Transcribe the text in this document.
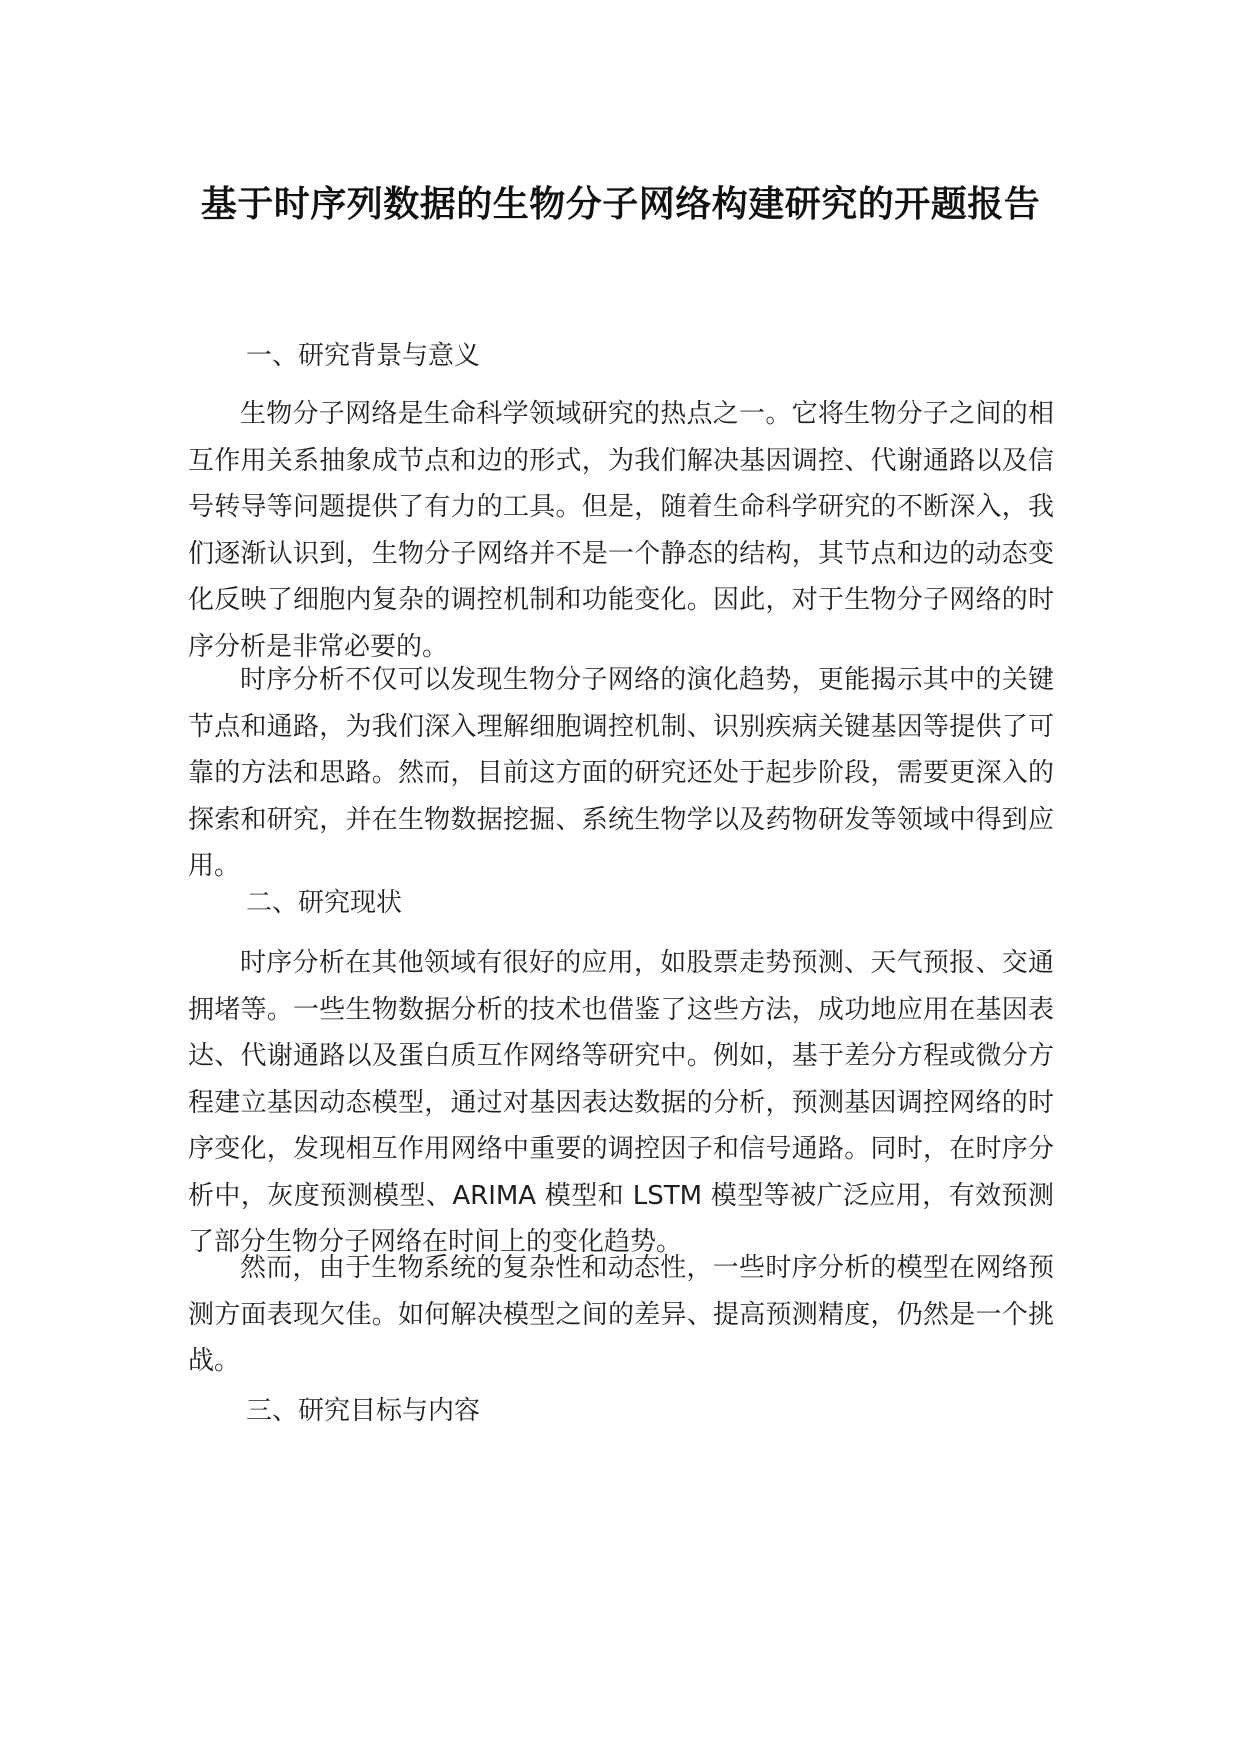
基于时序列数据的生物分子网络构建研究的开题报告
一、研究背景与意义

生物分子网络是生命科学领域研究的热点之一。它将生物分子之间的相互作用关系抽象成节点和边的形式，为我们解决基因调控、代谢通路以及信号转导等问题提供了有力的工具。但是，随着生命科学研究的不断深入，我们逐渐认识到，生物分子网络并不是一个静态的结构，其节点和边的动态变化反映了细胞内复杂的调控机制和功能变化。因此，对于生物分子网络的时序分析是非常必要的。

时序分析不仅可以发现生物分子网络的演化趋势，更能揭示其中的关键节点和通路，为我们深入理解细胞调控机制、识别疾病关键基因等提供了可靠的方法和思路。然而，目前这方面的研究还处于起步阶段，需要更深入的探索和研究，并在生物数据挖掘、系统生物学以及药物研发等领域中得到应用。

二、研究现状

时序分析在其他领域有很好的应用，如股票走势预测、天气预报、交通拥堵等。一些生物数据分析的技术也借鉴了这些方法，成功地应用在基因表达、代谢通路以及蛋白质互作网络等研究中。例如，基于差分方程或微分方程建立基因动态模型，通过对基因表达数据的分析，预测基因调控网络的时序变化，发现相互作用网络中重要的调控因子和信号通路。同时，在时序分析中，灰度预测模型、ARIMA 模型和 LSTM 模型等被广泛应用，有效预测了部分生物分子网络在时间上的变化趋势。

然而，由于生物系统的复杂性和动态性，一些时序分析的模型在网络预测方面表现欠佳。如何解决模型之间的差异、提高预测精度，仍然是一个挑战。

三、研究目标与内容
